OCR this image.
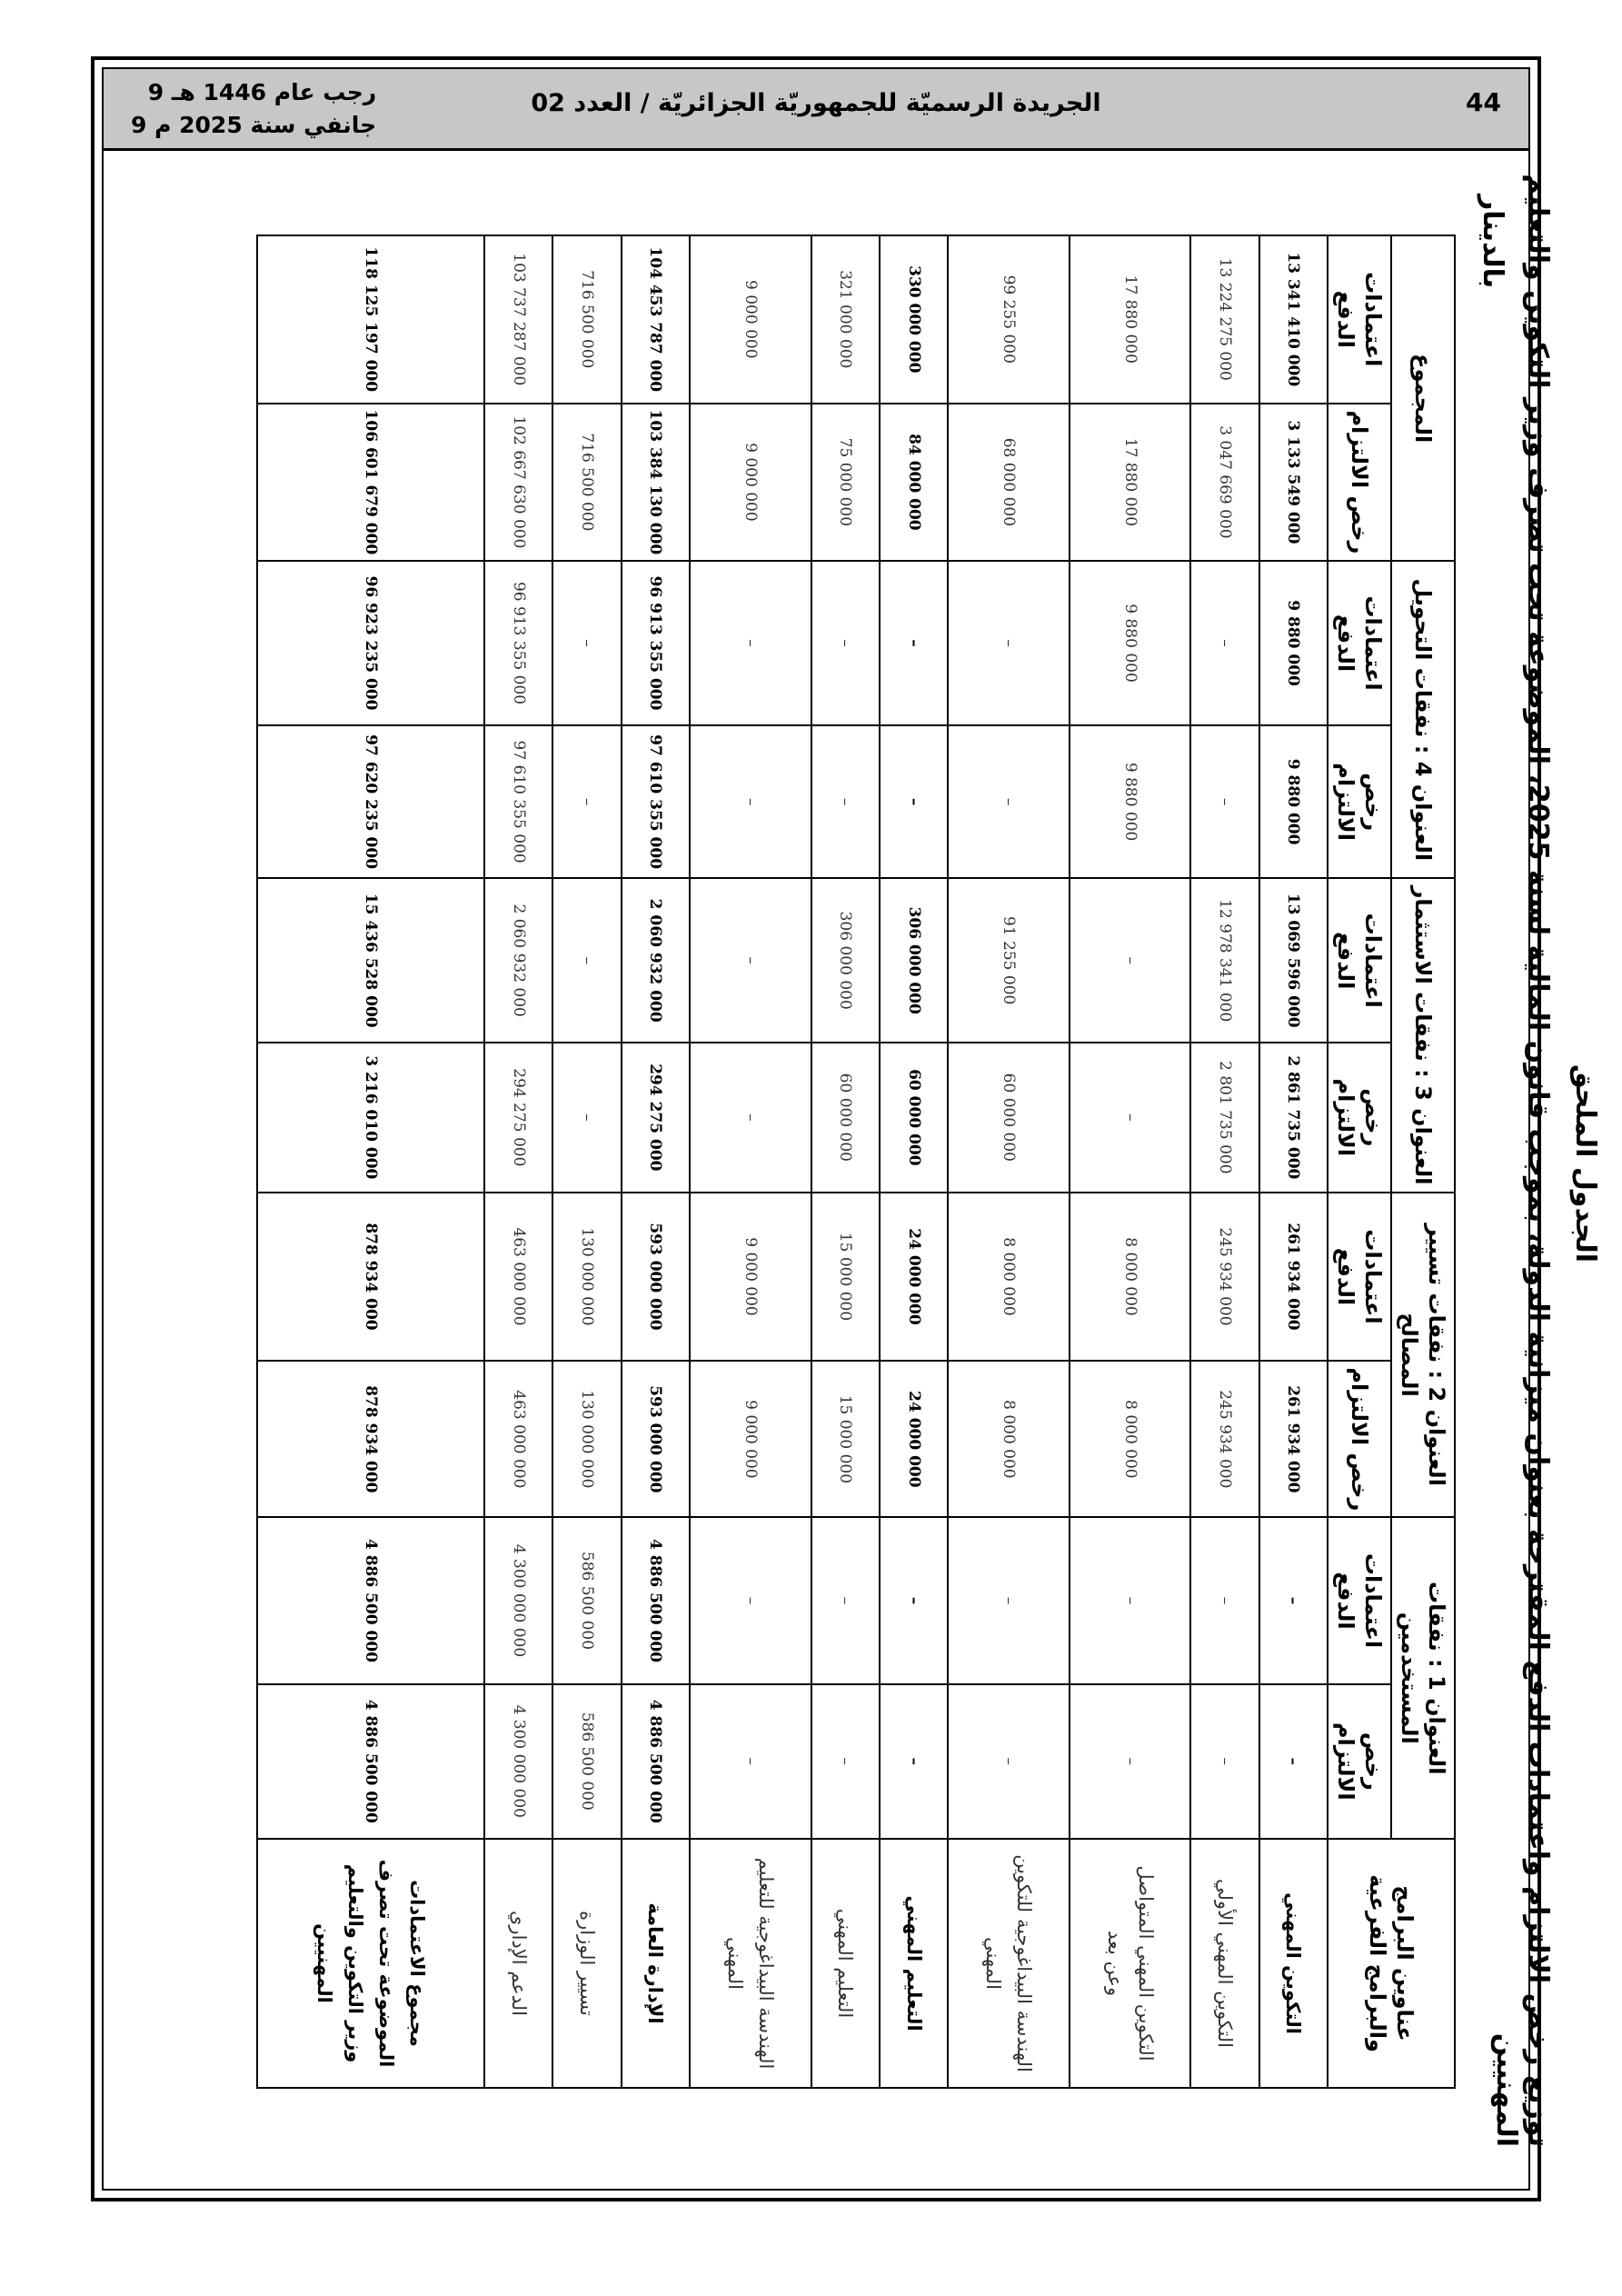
44
الجريدة الرسميّة للجمهوريّة الجزائريّة / العدد 02
9 رجب عام 1446 هـ
9 جانفي سنة 2025 م
الجدول الملحق
توزيع رخص الالتزام واعتمادات الدفع المقترحة بعنوان ميزانية الدولة، بموجب قانون المالية لسنة 2025، الموضوعة تحت تصرف وزير التكوين والتعليم المهنيين
بالدينار
عناوين البرامج والبرامج الفرعية	العنوان 1 : نفقات المستخدمين		العنوان 2 : نفقات تسيير المصالح		العنوان 3 : نفقات الاستثمار		العنوان 4 : نفقات التحويل		المجموع	
	رخص الالتزام	اعتمادات الدفع	رخص الالتزام	اعتمادات الدفع	رخص الالتزام	اعتمادات الدفع	رخص الالتزام	اعتمادات الدفع	رخص الالتزام	اعتمادات الدفع
التكوين المهني	–	–	261 934 000	261 934 000	2 861 735 000	13 069 596 000	9 880 000	9 880 000	3 133 549 000	13 341 410 000
التكوين المهني الأولي	–	–	245 934 000	245 934 000	2 801 735 000	12 978 341 000	–	–	3 047 669 000	13 224 275 000
التكوين المهني المتواصل وعن بعد	–	–	8 000 000	8 000 000	–	–	9 880 000	9 880 000	17 880 000	17 880 000
الهندسة البيداغوجية للتكوين المهني	–	–	8 000 000	8 000 000	60 000 000	91 255 000	–	–	68 000 000	99 255 000
التعليم المهني	–	–	24 000 000	24 000 000	60 000 000	306 000 000	–	–	84 000 000	330 000 000
التعليم المهني	–	–	15 000 000	15 000 000	60 000 000	306 000 000	–	–	75 000 000	321 000 000
الهندسة البيداغوجية للتعليم المهني	–	–	9 000 000	9 000 000	–	–	–	–	9 000 000	9 000 000
الإدارة العامة	4 886 500 000	4 886 500 000	593 000 000	593 000 000	294 275 000	2 060 932 000	97 610 355 000	96 913 355 000	103 384 130 000	104 453 787 000
تسيير الوزارة	586 500 000	586 500 000	130 000 000	130 000 000	–	–	–	–	716 500 000	716 500 000
الدعم الإداري	4 300 000 000	4 300 000 000	463 000 000	463 000 000	294 275 000	2 060 932 000	97 610 355 000	96 913 355 000	102 667 630 000	103 737 287 000
مجموع الاعتمادات الموضوعة تحت تصرف وزير التكوين والتعليم المهنيين	4 886 500 000	4 886 500 000	878 934 000	878 934 000	3 216 010 000	15 436 528 000	97 620 235 000	96 923 235 000	106 601 679 000	118 125 197 000
